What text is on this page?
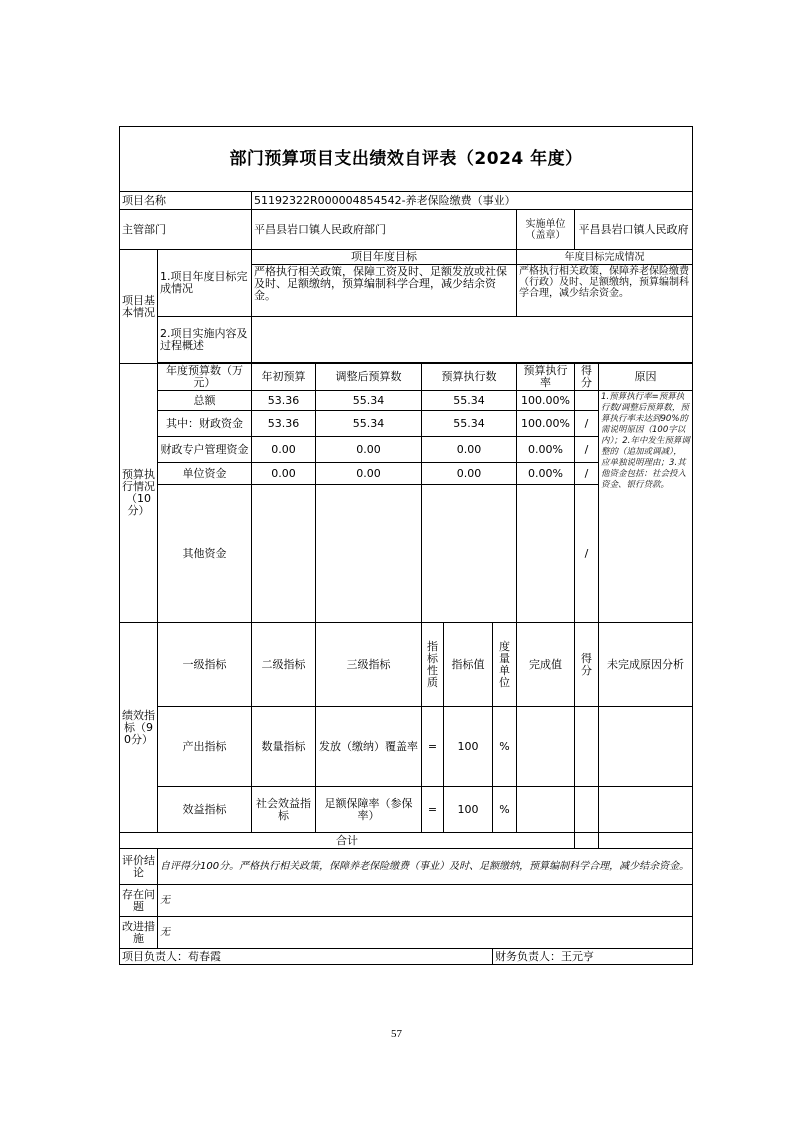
部门预算项目支出绩效自评表（2024 年度）									
项目名称		51192322R000004854542-养老保险缴费（事业）							
主管部门		平昌县岩口镇人民政府部门					实施单位（盖章）	平昌县岩口镇人民政府	
项目基本情况	1.项目年度目标完成情况	项目年度目标					年度目标完成情况		
		严格执行相关政策，保障工资及时、足额发放或社保及时、足额缴纳，预算编制科学合理，减少结余资金。					严格执行相关政策，保障养老保险缴费（行政）及时、足额缴纳，预算编制科学合理，减少结余资金。		
	2.项目实施内容及过程概述								

预算执行情况（10分）	年度预算数（万元）	年初预算	调整后预算数	预算执行数			预算执行率	得分	原因
	总额	53.36	55.34	55.34			100.00%		1.预算执行率=预算执行数/调整后预算数，预算执行率未达到90%的需说明原因（100字以内）；2.年中发生预算调整的（追加或调减），应单独说明理由；3.其他资金包括：社会投入资金、银行贷款。
	其中：财政资金	53.36	55.34	55.34			100.00%	/	
	财政专户管理资金	0.00	0.00	0.00			0.00%	/	
	单位资金	0.00	0.00	0.00			0.00%	/	
	其他资金							/	
绩效指标（90分）	一级指标	二级指标	三级指标	指标性质	指标值	度量单位	完成值	得分	未完成原因分析
	产出指标	数量指标	发放（缴纳）覆盖率	=	100	%			
	效益指标	社会效益指标	足额保障率（参保率）	=	100	%			
合计									
评价结论	自评得分100分。严格执行相关政策，保障养老保险缴费（事业）及时、足额缴纳，预算编制科学合理，减少结余资金。								
存在问题	无								
改进措施	无								
项目负责人：苟春霞						财务负责人：王元亨			
57
